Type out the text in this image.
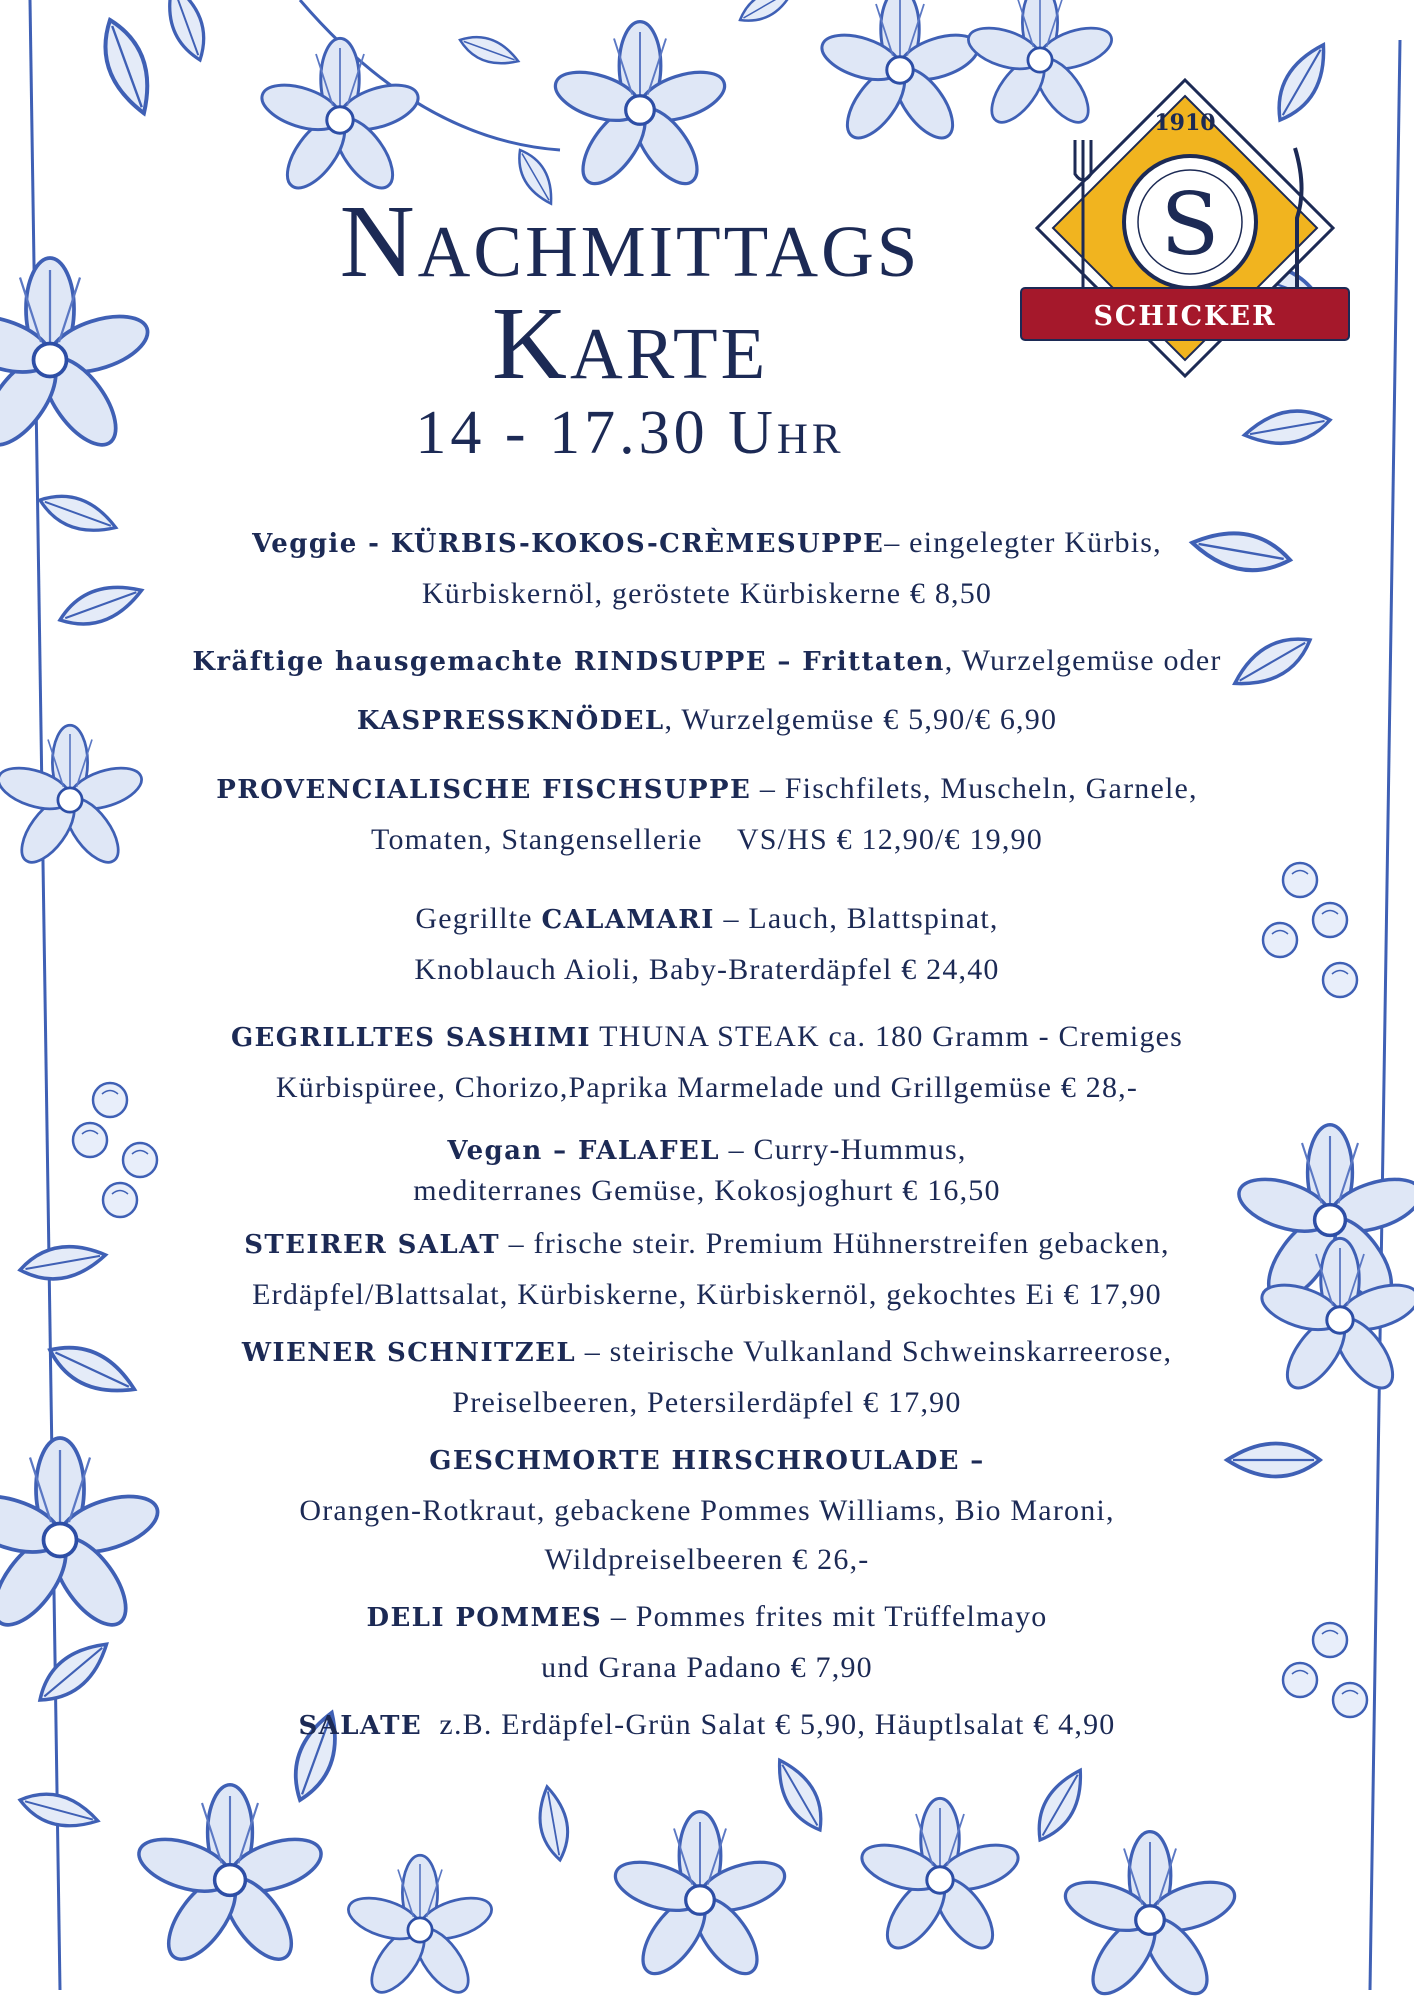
1910
S
SCHICKER
Nachmittags
Karte
14 - 17.30 Uhr
Veggie - KÜRBIS-KOKOS-CRÈMESUPPE– eingelegter Kürbis,
Kürbiskernöl, geröstete Kürbiskerne € 8,50
Kräftige hausgemachte RINDSUPPE – Frittaten, Wurzelgemüse oder
KASPRESSKNÖDEL, Wurzelgemüse € 5,90/€ 6,90
PROVENCIALISCHE FISCHSUPPE – Fischfilets, Muscheln, Garnele,
Tomaten, Stangensellerie    VS/HS € 12,90/€ 19,90
Gegrillte CALAMARI – Lauch, Blattspinat,
Knoblauch Aioli, Baby-Braterdäpfel € 24,40
GEGRILLTES SASHIMI THUNA STEAK ca. 180 Gramm - Cremiges
Kürbispüree, Chorizo,Paprika Marmelade und Grillgemüse € 28,-
Vegan – FALAFEL – Curry-Hummus,
mediterranes Gemüse, Kokosjoghurt € 16,50
STEIRER SALAT – frische steir. Premium Hühnerstreifen gebacken,
Erdäpfel/Blattsalat, Kürbiskerne, Kürbiskernöl, gekochtes Ei € 17,90
WIENER SCHNITZEL – steirische Vulkanland Schweinskarreerose,
Preiselbeeren, Petersilerdäpfel € 17,90
GESCHMORTE HIRSCHROULADE –
Orangen-Rotkraut, gebackene Pommes Williams, Bio Maroni,
Wildpreiselbeeren € 26,-
DELI POMMES – Pommes frites mit Trüffelmayo
und Grana Padano € 7,90
SALATE  z.B. Erdäpfel-Grün Salat € 5,90, Häuptlsalat € 4,90
